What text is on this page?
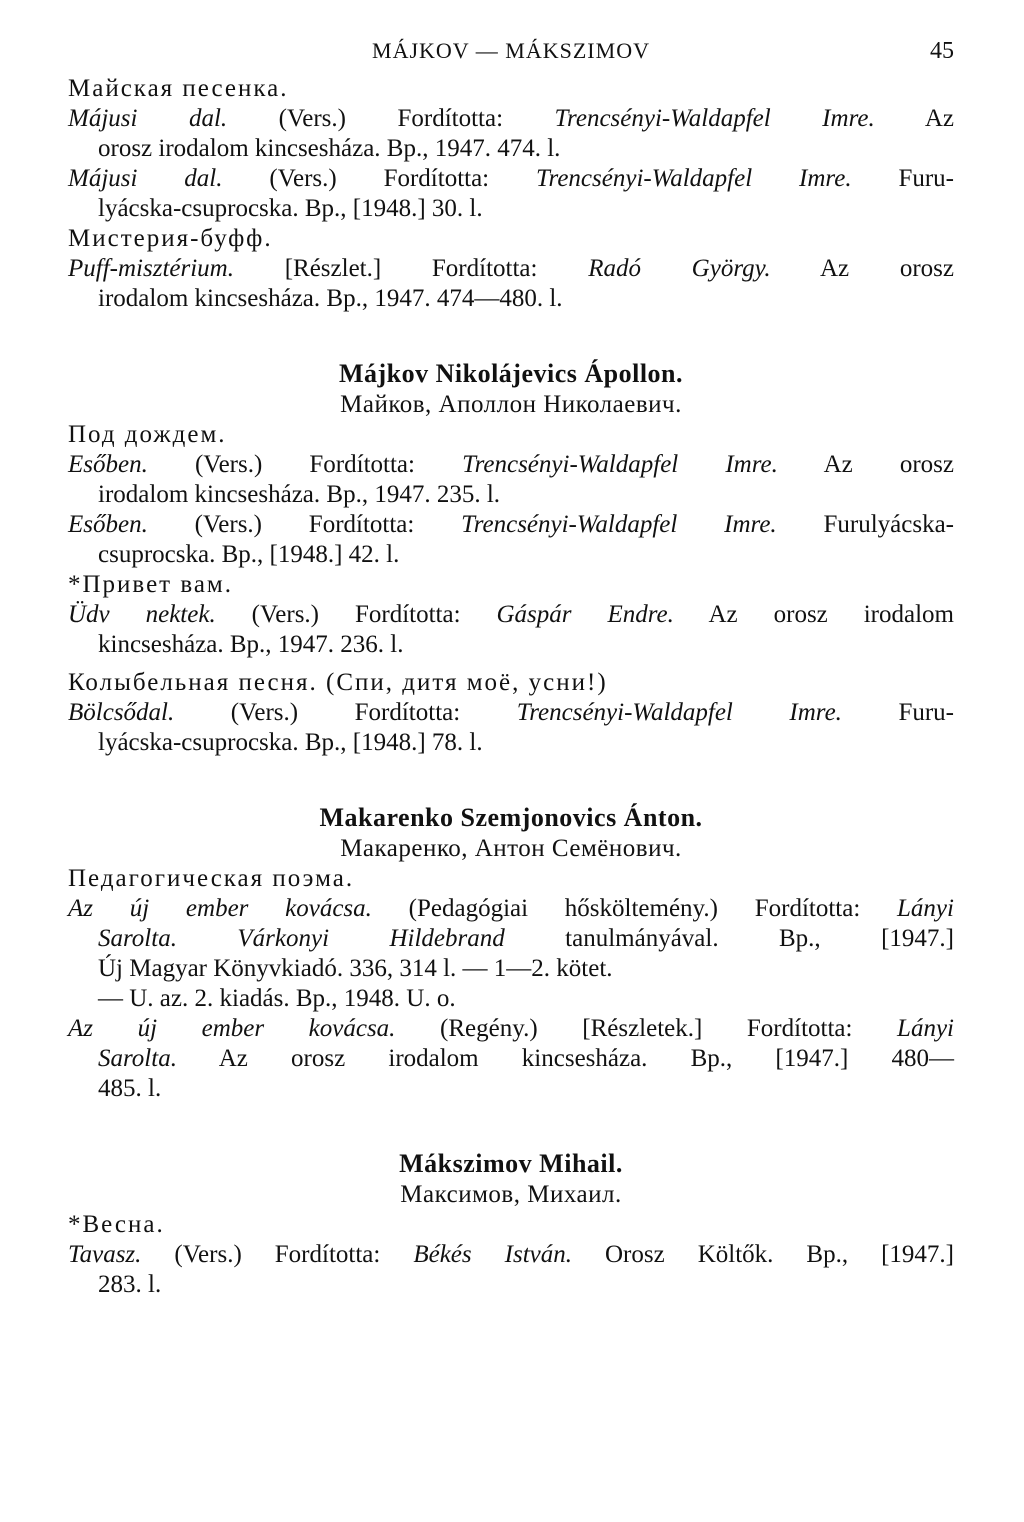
MÁJKOV — MÁKSZIMOV	45
Майская песенка.
Májusi dal. (Vers.) Fordította: Trencsényi-Waldapfel Imre. Az
orosz irodalom kincsesháza. Bp., 1947. 474. l.
Májusi dal. (Vers.) Fordította: Trencsényi-Waldapfel Imre. Furu-
lyácska-csuprocska. Bp., [1948.] 30. l.
Мистерия-буфф.
Puff-misztérium. [Részlet.] Fordította: Radó György. Az orosz
irodalom kincsesháza. Bp., 1947. 474—480. l.
Májkov Nikolájevics Ápollon.
Майков, Аполлон Николаевич.
Под дождем.
Esőben. (Vers.) Fordította: Trencsényi-Waldapfel Imre. Az orosz
irodalom kincsesháza. Bp., 1947. 235. l.
Esőben. (Vers.) Fordította: Trencsényi-Waldapfel Imre. Furulyácska-
csuprocska. Bp., [1948.] 42. l.
*Привет вам.
Üdv nektek. (Vers.) Fordította: Gáspár Endre. Az orosz irodalom
kincsesháza. Bp., 1947. 236. l.
Колыбельная песня. (Спи, дитя моё, усни!)
Bölcsődal. (Vers.) Fordította: Trencsényi-Waldapfel Imre. Furu-
lyácska-csuprocska. Bp., [1948.] 78. l.
Makarenko Szemjonovics Ánton.
Макаренко, Антон Семёнович.
Педагогическая поэма.
Az új ember kovácsa. (Pedagógiai hősköltemény.) Fordította: Lányi
Sarolta. Várkonyi Hildebrand tanulmányával. Bp., [1947.]
Új Magyar Könyvkiadó. 336, 314 l. — 1—2. kötet.
— U. az. 2. kiadás. Bp., 1948. U. o.
Az új ember kovácsa. (Regény.) [Részletek.] Fordította: Lányi
Sarolta. Az orosz irodalom kincsesháza. Bp., [1947.] 480—
485. l.
Mákszimov Mihail.
Максимов, Михаил.
*Весна.
Tavasz. (Vers.) Fordította: Békés István. Orosz Költők. Bp., [1947.]
283. l.
